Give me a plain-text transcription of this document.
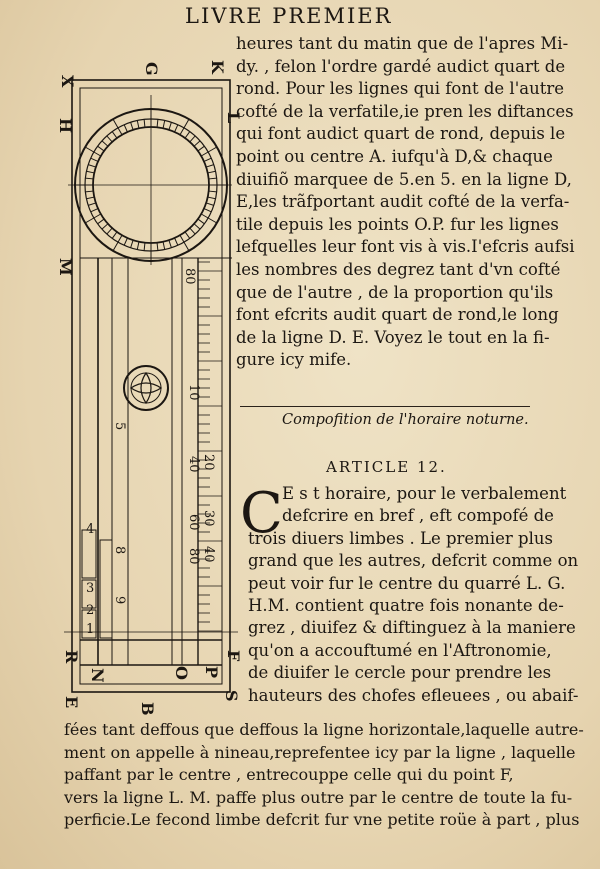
LIVRE PREMIER
X
H
G	K
M
L
S
N	P
B
O
R	F
E
20
40
30
60
40
80
10
80
8
9
4
3
2
1
5
heures tant du matin que de l'apres Mi-
dy. , felon l'ordre gardé audict quart de
rond. Pour les lignes qui font de l'autre
cofté de la verfatile,ie pren les diftances
qui font audict quart de rond, depuis le
point ou centre A. iufqu'à D,& chaque
diuifiõ marquee de 5.en 5. en la ligne D,
E,les trãfportant audit cofté de la verfa-
tile depuis les points O.P. fur les lignes
lefquelles leur font vis à vis.I'efcris aufsi
les nombres des degrez tant d'vn cofté
que de l'autre , de la proportion qu'ils
font efcrits audit quart de rond,le long
de la ligne D. E. Voyez le tout en la fi-
gure icy mife.
Compofition de l'horaire noturne.
ARTICLE 12.
C E s t horaire, pour le verbalement
defcrire en bref , eft compofé de
trois diuers limbes . Le premier plus
grand que les autres, defcrit comme on
peut voir fur le centre du quarré L. G.
H.M. contient quatre fois nonante de-
grez , diuifez & diftinguez à la maniere
qu'on a accouftumé en l'Aftronomie,
de diuifer le cercle pour prendre les
hauteurs des chofes efleuees , ou abaif-
fées tant deffous que deffous la ligne horizontale,laquelle autre-
ment on appelle à nineau,reprefentee icy par la ligne , laquelle
paffant par le centre , entrecouppe celle qui du point F,
vers la ligne L. M. paffe plus outre par le centre de toute la fu-
perficie.Le fecond limbe defcrit fur vne petite roüe à part , plus
